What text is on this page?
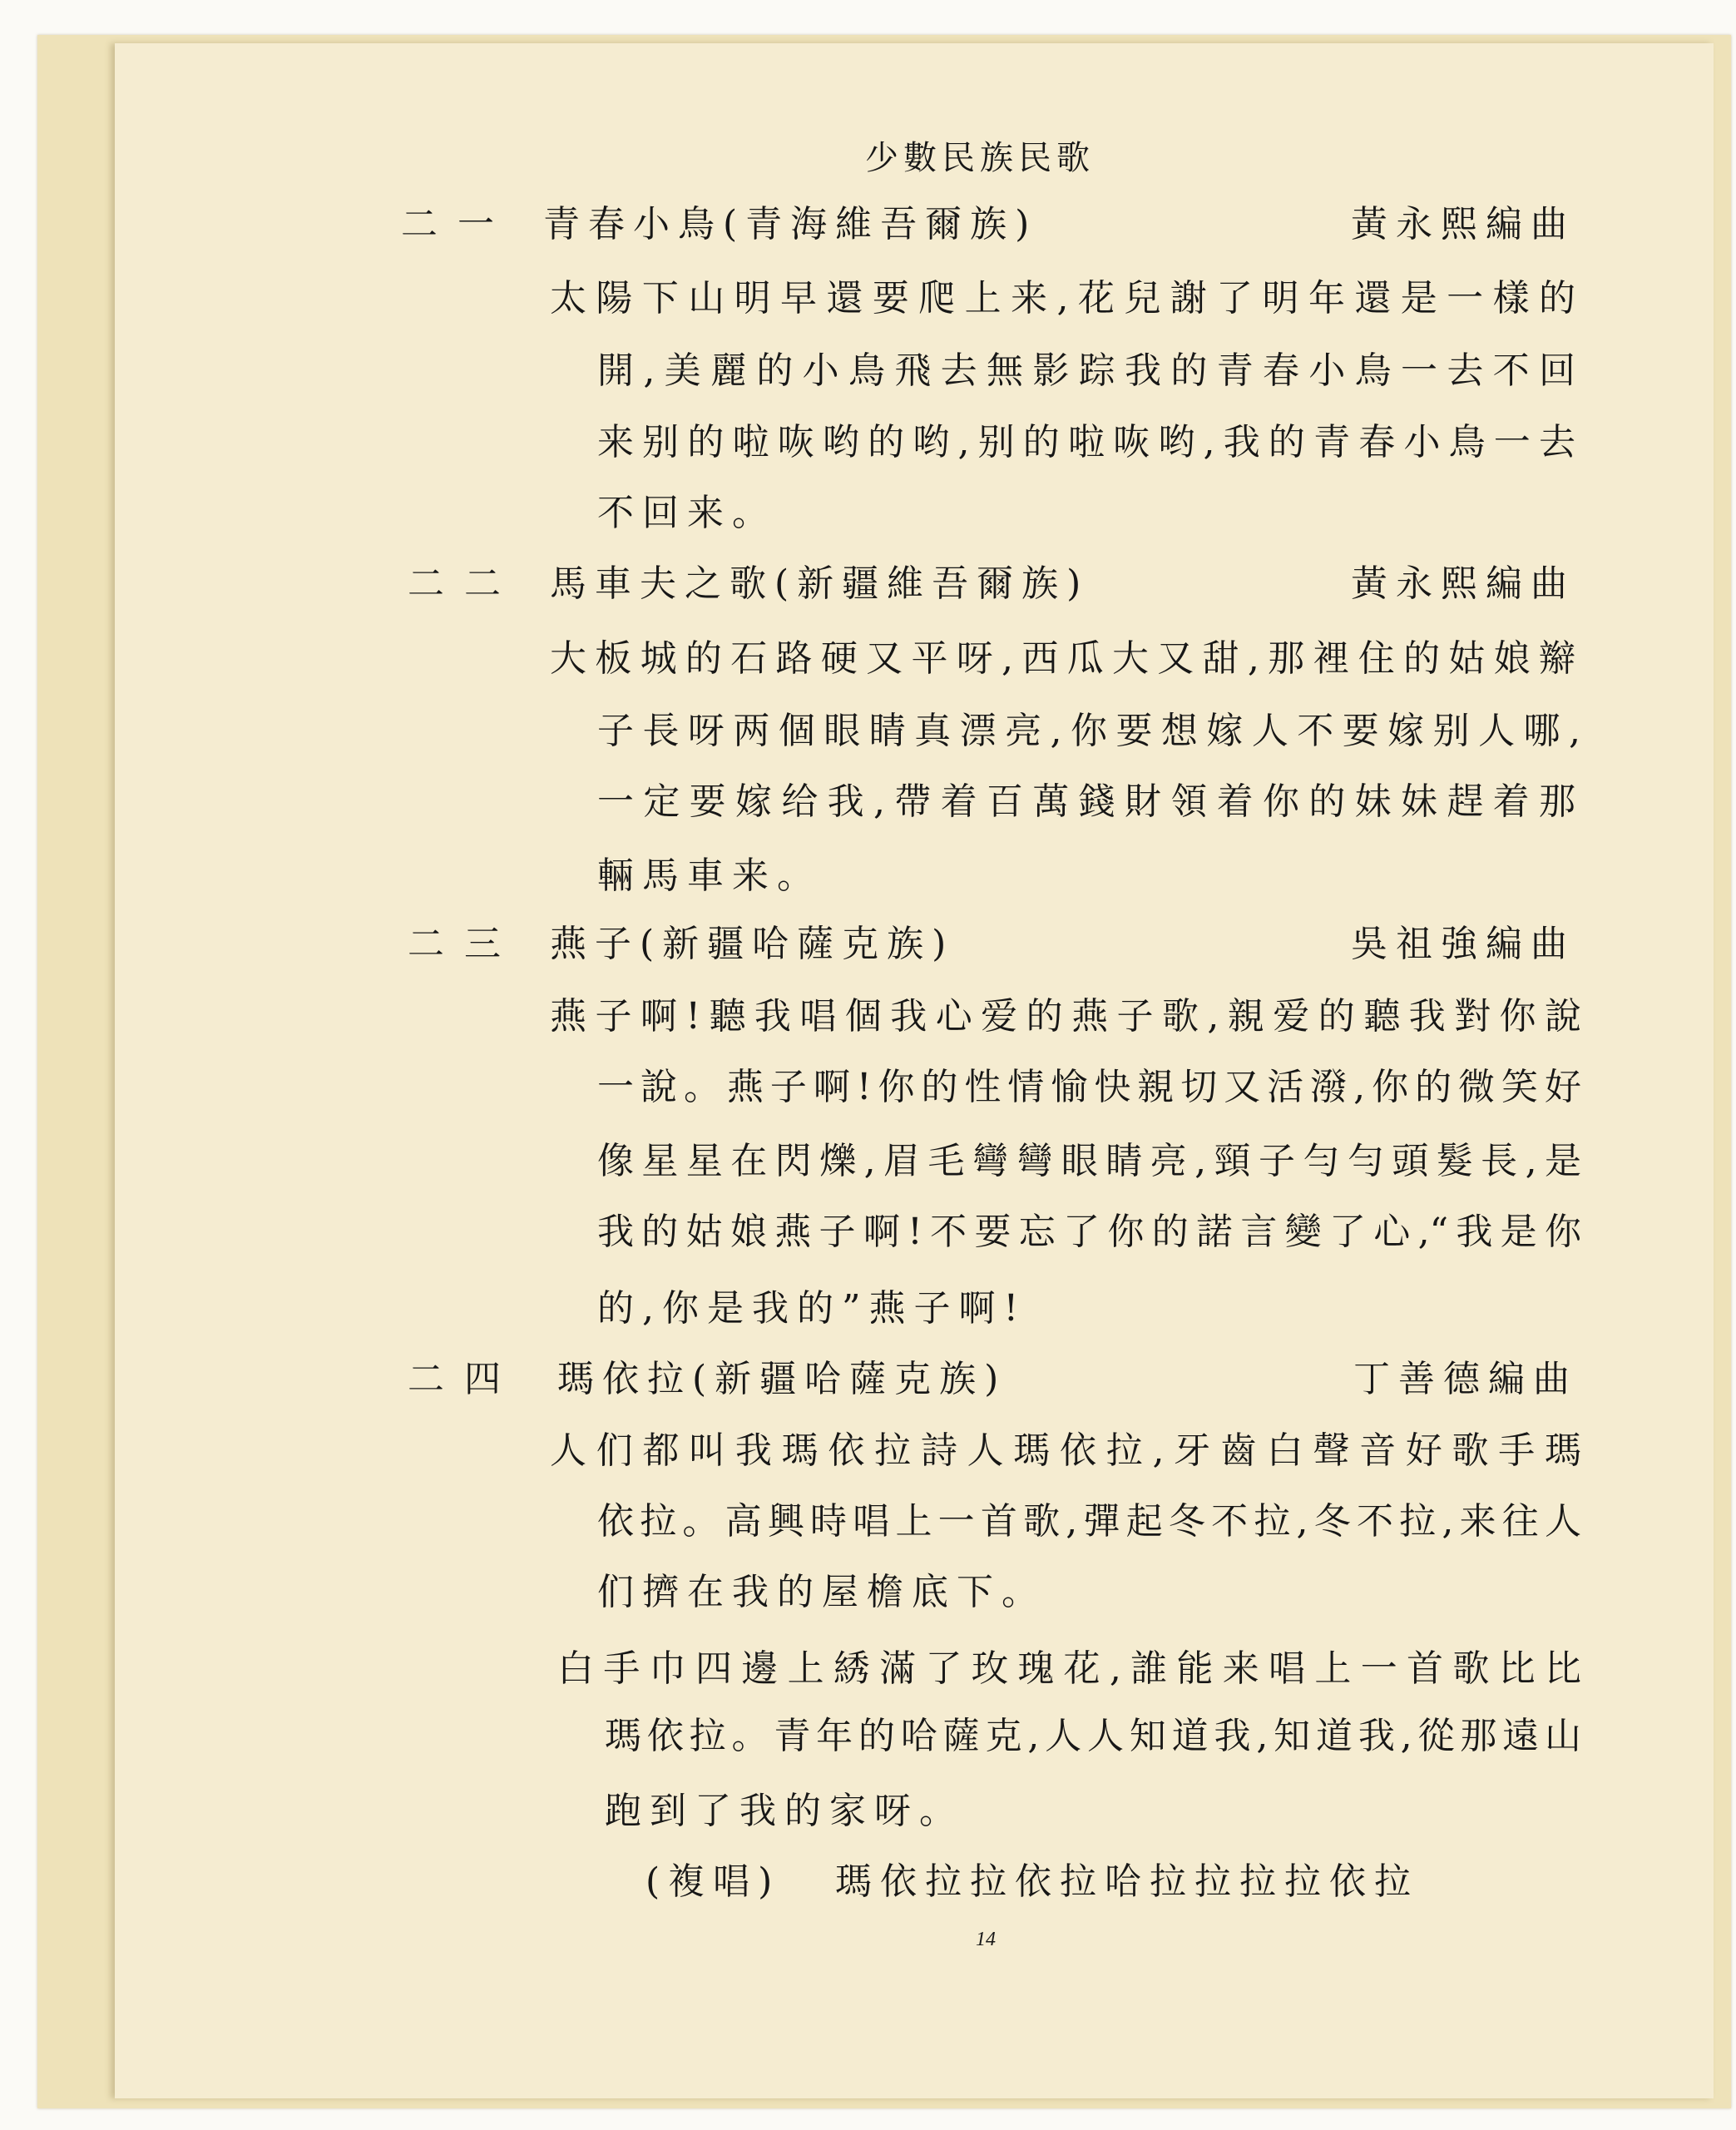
少數民族民歌
二一 青春小鳥(青海維吾爾族)	黃永熙編曲
太陽下山明早還要爬上来,花兒謝了明年還是一樣的
開,美麗的小鳥飛去無影踪我的青春小鳥一去不回
来别的啦咴哟的哟,别的啦咴哟,我的青春小鳥一去
不回来。
二二 馬車夫之歌(新疆維吾爾族)	黃永熙編曲
大板城的石路硬又平呀,西瓜大又甜,那裡住的姑娘辮
子長呀两個眼睛真漂亮,你要想嫁人不要嫁别人哪,
一定要嫁给我,帶着百萬錢財領着你的妹妹趕着那
輛馬車来。
二三 燕子(新疆哈薩克族)	吳祖強編曲
燕子啊!聽我唱個我心爱的燕子歌,親爱的聽我對你說
一說。燕子啊!你的性情愉快親切又活潑,你的微笑好
像星星在閃爍,眉毛彎彎眼睛亮,頸子勻勻頭髮長,是
我的姑娘燕子啊!不要忘了你的諾言變了心,“我是你
的,你是我的”燕子啊!
二四 瑪依拉(新疆哈薩克族)	丁善德編曲
人们都叫我瑪依拉詩人瑪依拉,牙齒白聲音好歌手瑪
依拉。高興時唱上一首歌,彈起冬不拉,冬不拉,来往人
们擠在我的屋檐底下。
白手巾四邊上綉滿了玫瑰花,誰能来唱上一首歌比比
瑪依拉。青年的哈薩克,人人知道我,知道我,從那遠山
跑到了我的家呀。
(複唱) 瑪依拉拉依拉哈拉拉拉拉依拉
14
